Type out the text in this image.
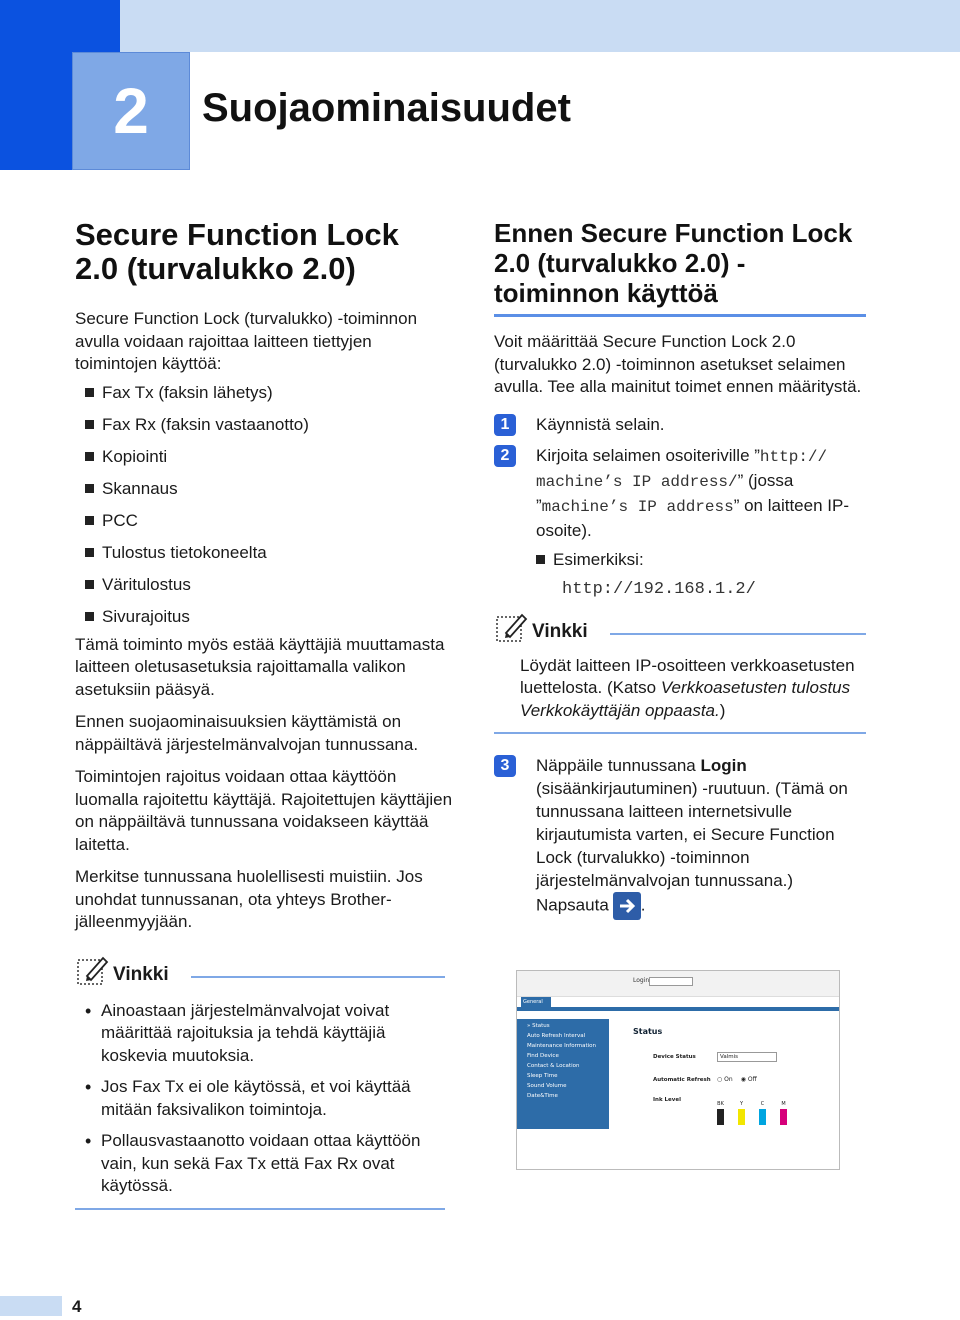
2	Suojaominaisuudet
Secure Function Lock 2.0 (turvalukko 2.0)

Secure Function Lock (turvalukko) -toiminnon avulla voidaan rajoittaa laitteen tiettyjen toimintojen käyttöä:

Fax Tx (faksin lähetys)
Fax Rx (faksin vastaanotto)
Kopiointi
Skannaus
PCC
Tulostus tietokoneelta
Väritulostus
Sivurajoitus

Tämä toiminto myös estää käyttäjiä muuttamasta laitteen oletusasetuksia rajoittamalla valikon asetuksiin pääsyä.

Ennen suojaominaisuuksien käyttämistä on näppäiltävä järjestelmänvalvojan tunnussana.

Toimintojen rajoitus voidaan ottaa käyttöön luomalla rajoitettu käyttäjä. Rajoitettujen käyttäjien on näppäiltävä tunnussana voidakseen käyttää laitetta.

Merkitse tunnussana huolellisesti muistiin. Jos unohdat tunnussanan, ota yhteys Brother-jälleenmyyjään.

Vinkki
• Ainoastaan järjestelmänvalvojat voivat määrittää rajoituksia ja tehdä käyttäjiä koskevia muutoksia.
• Jos Fax Tx ei ole käytössä, et voi käyttää mitään faksivalikon toimintoja.
• Pollausvastaanotto voidaan ottaa käyttöön vain, kun sekä Fax Tx että Fax Rx ovat käytössä.
Ennen Secure Function Lock 2.0 (turvalukko 2.0) -toiminnon käyttöä

Voit määrittää Secure Function Lock 2.0 (turvalukko 2.0) -toiminnon asetukset selaimen avulla. Tee alla mainitut toimet ennen määritystä.

1	Käynnistä selain.
2	Kirjoita selaimen osoiteriville ”http:// machine’s IP address/” (jossa ”machine’s IP address” on laitteen IP-osoite).
Esimerkiksi:
http://192.168.1.2/
Vinkki

Löydät laitteen IP-osoitteen verkkoasetusten luettelosta. (Katso Verkkoasetusten tulostus Verkkokäyttäjän oppaasta.)

3	Näppäile tunnussana Login (sisäänkirjautuminen) -ruutuun. (Tämä on tunnussana laitteen internetsivulle kirjautumista varten, ei Secure Function Lock (turvalukko) -toiminnon järjestelmänvalvojan tunnussana.) Napsauta .
Login
General
» Status
Auto Refresh Interval
Maintenance Information
Find Device
Contact & Location
Sleep Time
Sound Volume
Date&Time
Status
Device Status	Valmis
Automatic Refresh	○ On ◉ Off
Ink Level
BK	Y	C	M
4
